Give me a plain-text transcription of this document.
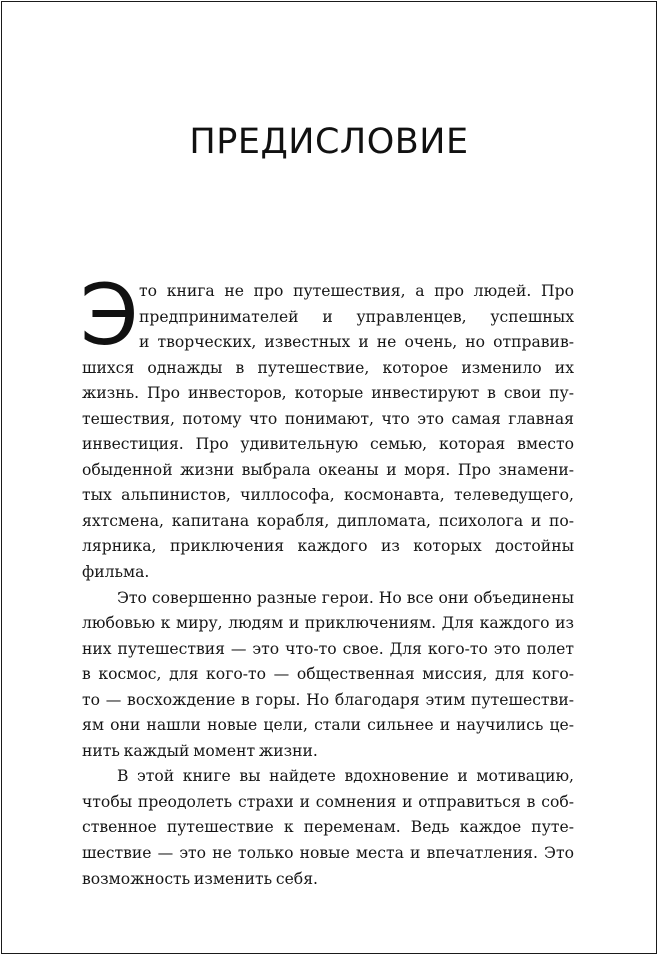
ПРЕДИСЛОВИЕ
Э то книга не про путешествия, а про людей. Про
предпринимателей и управленцев, успешных
и творческих, известных и не очень, но отправив-
шихся однажды в путешествие, которое изменило их
жизнь. Про инвесторов, которые инвестируют в свои пу-
тешествия, потому что понимают, что это самая главная
инвестиция. Про удивительную семью, которая вместо
обыденной жизни выбрала океаны и моря. Про знамени-
тых альпинистов, чиллософа, космонавта, телеведущего,
яхтсмена, капитана корабля, дипломата, психолога и по-
лярника, приключения каждого из которых достойны
фильма.
Это совершенно разные герои. Но все они объединены
любовью к миру, людям и приключениям. Для каждого из
них путешествия — это что-то свое. Для кого-то это полет
в космос, для кого-то — общественная миссия, для кого-
то — восхождение в горы. Но благодаря этим путешестви-
ям они нашли новые цели, стали сильнее и научились це-
нить каждый момент жизни.
В этой книге вы найдете вдохновение и мотивацию,
чтобы преодолеть страхи и сомнения и отправиться в соб-
ственное путешествие к переменам. Ведь каждое путе-
шествие — это не только новые места и впечатления. Это
возможность изменить себя.
